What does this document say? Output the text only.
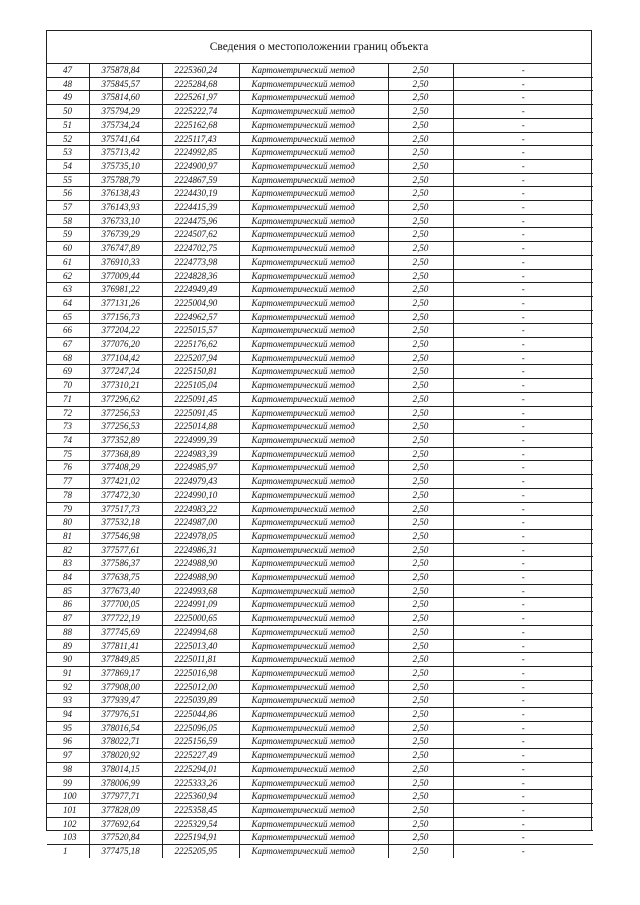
Сведения о местоположении границ объекта
47	375878,84	2225360,24	Картометрический метод	2,50	-
48	375845,57	2225284,68	Картометрический метод	2,50	-
49	375814,60	2225261,97	Картометрический метод	2,50	-
50	375794,29	2225222,74	Картометрический метод	2,50	-
51	375734,24	2225162,68	Картометрический метод	2,50	-
52	375741,64	2225117,43	Картометрический метод	2,50	-
53	375713,42	2224992,85	Картометрический метод	2,50	-
54	375735,10	2224900,97	Картометрический метод	2,50	-
55	375788,79	2224867,59	Картометрический метод	2,50	-
56	376138,43	2224430,19	Картометрический метод	2,50	-
57	376143,93	2224415,39	Картометрический метод	2,50	-
58	376733,10	2224475,96	Картометрический метод	2,50	-
59	376739,29	2224507,62	Картометрический метод	2,50	-
60	376747,89	2224702,75	Картометрический метод	2,50	-
61	376910,33	2224773,98	Картометрический метод	2,50	-
62	377009,44	2224828,36	Картометрический метод	2,50	-
63	376981,22	2224949,49	Картометрический метод	2,50	-
64	377131,26	2225004,90	Картометрический метод	2,50	-
65	377156,73	2224962,57	Картометрический метод	2,50	-
66	377204,22	2225015,57	Картометрический метод	2,50	-
67	377076,20	2225176,62	Картометрический метод	2,50	-
68	377104,42	2225207,94	Картометрический метод	2,50	-
69	377247,24	2225150,81	Картометрический метод	2,50	-
70	377310,21	2225105,04	Картометрический метод	2,50	-
71	377296,62	2225091,45	Картометрический метод	2,50	-
72	377256,53	2225091,45	Картометрический метод	2,50	-
73	377256,53	2225014,88	Картометрический метод	2,50	-
74	377352,89	2224999,39	Картометрический метод	2,50	-
75	377368,89	2224983,39	Картометрический метод	2,50	-
76	377408,29	2224985,97	Картометрический метод	2,50	-
77	377421,02	2224979,43	Картометрический метод	2,50	-
78	377472,30	2224990,10	Картометрический метод	2,50	-
79	377517,73	2224983,22	Картометрический метод	2,50	-
80	377532,18	2224987,00	Картометрический метод	2,50	-
81	377546,98	2224978,05	Картометрический метод	2,50	-
82	377577,61	2224986,31	Картометрический метод	2,50	-
83	377586,37	2224988,90	Картометрический метод	2,50	-
84	377638,75	2224988,90	Картометрический метод	2,50	-
85	377673,40	2224993,68	Картометрический метод	2,50	-
86	377700,05	2224991,09	Картометрический метод	2,50	-
87	377722,19	2225000,65	Картометрический метод	2,50	-
88	377745,69	2224994,68	Картометрический метод	2,50	-
89	377811,41	2225013,40	Картометрический метод	2,50	-
90	377849,85	2225011,81	Картометрический метод	2,50	-
91	377869,17	2225016,98	Картометрический метод	2,50	-
92	377908,00	2225012,00	Картометрический метод	2,50	-
93	377939,47	2225039,89	Картометрический метод	2,50	-
94	377976,51	2225044,86	Картометрический метод	2,50	-
95	378016,54	2225096,05	Картометрический метод	2,50	-
96	378022,71	2225156,59	Картометрический метод	2,50	-
97	378020,92	2225227,49	Картометрический метод	2,50	-
98	378014,15	2225294,01	Картометрический метод	2,50	-
99	378006,99	2225333,26	Картометрический метод	2,50	-
100	377977,71	2225360,94	Картометрический метод	2,50	-
101	377828,09	2225358,45	Картометрический метод	2,50	-
102	377692,64	2225329,54	Картометрический метод	2,50	-
103	377520,84	2225194,91	Картометрический метод	2,50	-
1	377475,18	2225205,95	Картометрический метод	2,50	-
